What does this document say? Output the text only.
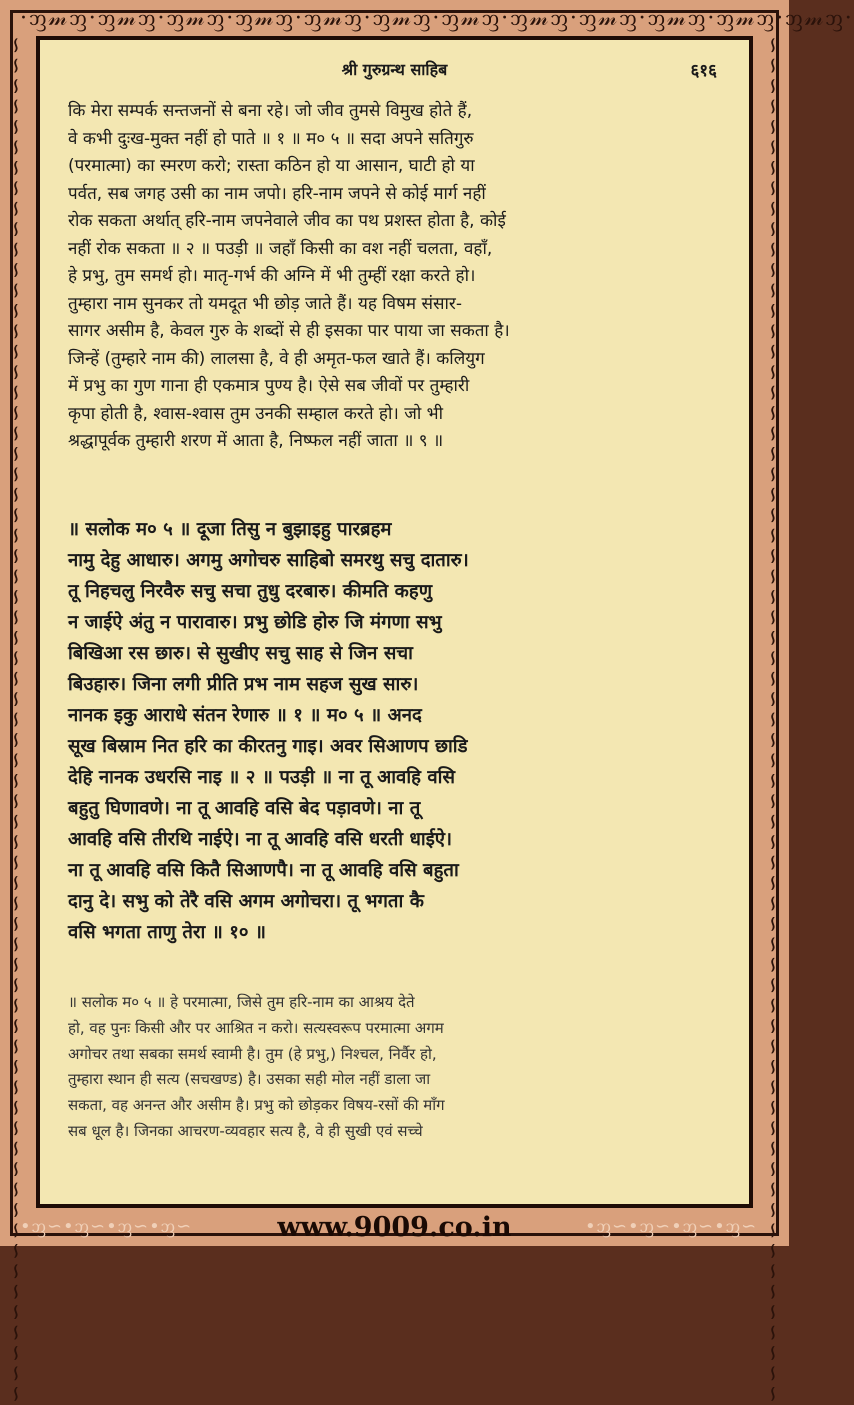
·ᦀ𝓂ᦀ·ᦀ𝓂ᦀ·ᦀ𝓂ᦀ·ᦀ𝓂ᦀ·ᦀ𝓂ᦀ·ᦀ𝓂ᦀ·ᦀ𝓂ᦀ·ᦀ𝓂ᦀ·ᦀ𝓂ᦀ·ᦀ𝓂ᦀ·ᦀ𝓂ᦀ·ᦀ𝓂ᦀ·
∽∽∽∽∽∽∽∽∽∽∽∽∽∽∽∽∽∽∽∽∽∽∽∽∽∽∽∽∽∽∽∽∽∽∽∽∽∽∽∽∽∽∽∽∽∽∽∽∽∽∽∽∽∽∽∽∽∽∽∽∽∽∽∽∽∽∽	∽∽∽∽∽∽∽∽∽∽∽∽∽∽∽∽∽∽∽∽∽∽∽∽∽∽∽∽∽∽∽∽∽∽∽∽∽∽∽∽∽∽∽∽∽∽∽∽∽∽∽∽∽∽∽∽∽∽∽∽∽∽∽∽∽∽∽
श्री गुरुग्रन्थ साहिब	६१६

कि मेरा सम्पर्क सन्तजनों से बना रहे। जो जीव तुमसे विमुख होते हैं,

वे कभी दुःख-मुक्त नहीं हो पाते ॥ १ ॥ म० ५ ॥ सदा अपने सतिगुरु

(परमात्मा) का स्मरण करो; रास्ता कठिन हो या आसान, घाटी हो या

पर्वत, सब जगह उसी का नाम जपो। हरि-नाम जपने से कोई मार्ग नहीं

रोक सकता अर्थात् हरि-नाम जपनेवाले जीव का पथ प्रशस्त होता है, कोई

नहीं रोक सकता ॥ २ ॥ पउड़ी ॥ जहाँ किसी का वश नहीं चलता, वहाँ,

हे प्रभु, तुम समर्थ हो। मातृ-गर्भ की अग्नि में भी तुम्हीं रक्षा करते हो।

तुम्हारा नाम सुनकर तो यमदूत भी छोड़ जाते हैं। यह विषम संसार-

सागर असीम है, केवल गुरु के शब्दों से ही इसका पार पाया जा सकता है।

जिन्हें (तुम्हारे नाम की) लालसा है, वे ही अमृत-फल खाते हैं। कलियुग

में प्रभु का गुण गाना ही एकमात्र पुण्य है। ऐसे सब जीवों पर तुम्हारी

कृपा होती है, श्वास-श्वास तुम उनकी सम्हाल करते हो। जो भी

श्रद्धापूर्वक तुम्हारी शरण में आता है, निष्फल नहीं जाता ॥ ९ ॥

॥ सलोक म० ५ ॥ दूजा तिसु न बुझाइहु पारब्रहम

नामु देहु आधारु। अगमु अगोचरु साहिबो समरथु सचु दातारु।

तू निहचलु निरवैरु सचु सचा तुधु दरबारु। कीमति कहणु

न जाईऐ अंतु न पारावारु। प्रभु छोडि होरु जि मंगणा सभु

बिखिआ रस छारु। से सुखीए सचु साह से जिन सचा

बिउहारु। जिना लगी प्रीति प्रभ नाम सहज सुख सारु।

नानक इकु आराधे संतन रेणारु ॥ १ ॥ म० ५ ॥ अनद

सूख बिस्राम नित हरि का कीरतनु गाइ। अवर सिआणप छाडि

देहि नानक उधरसि नाइ ॥ २ ॥ पउड़ी ॥ ना तू आवहि वसि

बहुतु घिणावणे। ना तू आवहि वसि बेद पड़ावणे। ना तू

आवहि वसि तीरथि नाईऐ। ना तू आवहि वसि धरती धाईऐ।

ना तू आवहि वसि कितै सिआणपै। ना तू आवहि वसि बहुता

दानु दे। सभु को तेरै वसि अगम अगोचरा। तू भगता कै

वसि भगता ताणु तेरा ॥ १० ॥

॥ सलोक म० ५ ॥ हे परमात्मा, जिसे तुम हरि-नाम का आश्रय देते

हो, वह पुनः किसी और पर आश्रित न करो। सत्यस्वरूप परमात्मा अगम

अगोचर तथा सबका समर्थ स्वामी है। तुम (हे प्रभु,) निश्चल, निर्वैर हो,

तुम्हारा स्थान ही सत्य (सचखण्ड) है। उसका सही मोल नहीं डाला जा

सकता, वह अनन्त और असीम है। प्रभु को छोड़कर विषय-रसों की माँग

सब धूल है। जिनका आचरण-व्यवहार सत्य है, वे ही सुखी एवं सच्चे

•ᦀ∽•ᦀ∽•ᦀ∽•ᦀ∽	www.9009.co.in	•ᦀ∽•ᦀ∽•ᦀ∽•ᦀ∽
